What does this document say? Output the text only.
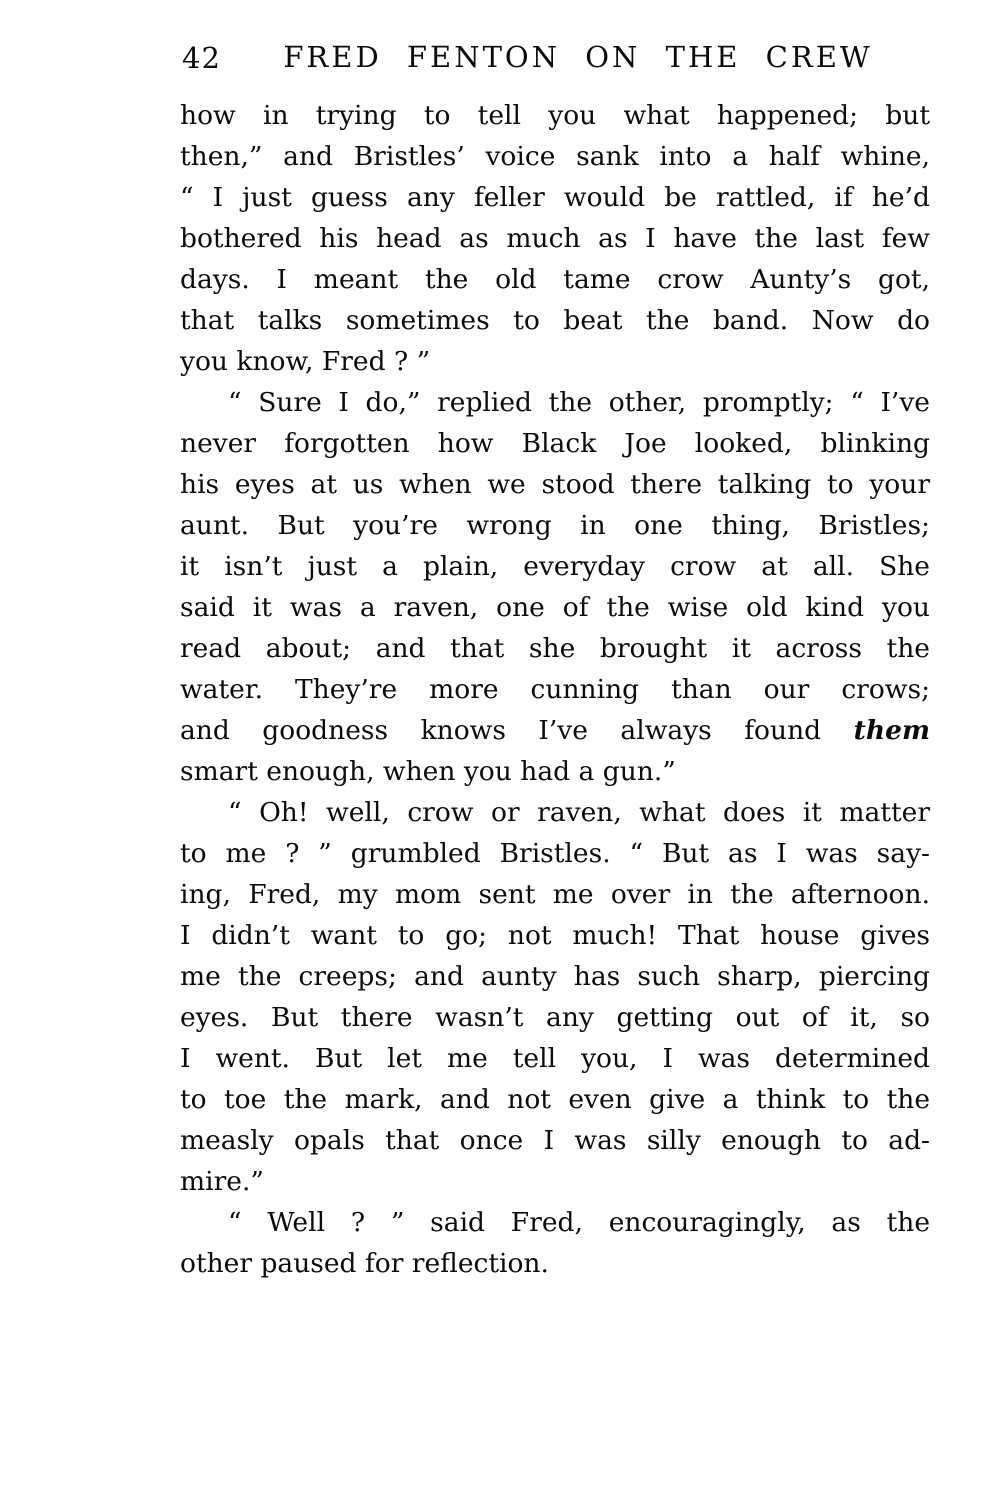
42	FRED FENTON ON THE CREW
how in trying to tell you what happened; but
then,” and Bristles’ voice sank into a half whine,
“ I just guess any feller would be rattled, if he’d
bothered his head as much as I have the last few
days. I meant the old tame crow Aunty’s got,
that talks sometimes to beat the band. Now do
you know, Fred ? ”
“ Sure I do,” replied the other, promptly; “ I’ve
never forgotten how Black Joe looked, blinking
his eyes at us when we stood there talking to your
aunt. But you’re wrong in one thing, Bristles;
it isn’t just a plain, everyday crow at all. She
said it was a raven, one of the wise old kind you
read about; and that she brought it across the
water. They’re more cunning than our crows;
and goodness knows I’ve always found them
smart enough, when you had a gun.”
“ Oh! well, crow or raven, what does it matter
to me ? ” grumbled Bristles. “ But as I was say-
ing, Fred, my mom sent me over in the afternoon.
I didn’t want to go; not much! That house gives
me the creeps; and aunty has such sharp, piercing
eyes. But there wasn’t any getting out of it, so
I went. But let me tell you, I was determined
to toe the mark, and not even give a think to the
measly opals that once I was silly enough to ad-
mire.”
“ Well ? ” said Fred, encouragingly, as the
other paused for reflection.
